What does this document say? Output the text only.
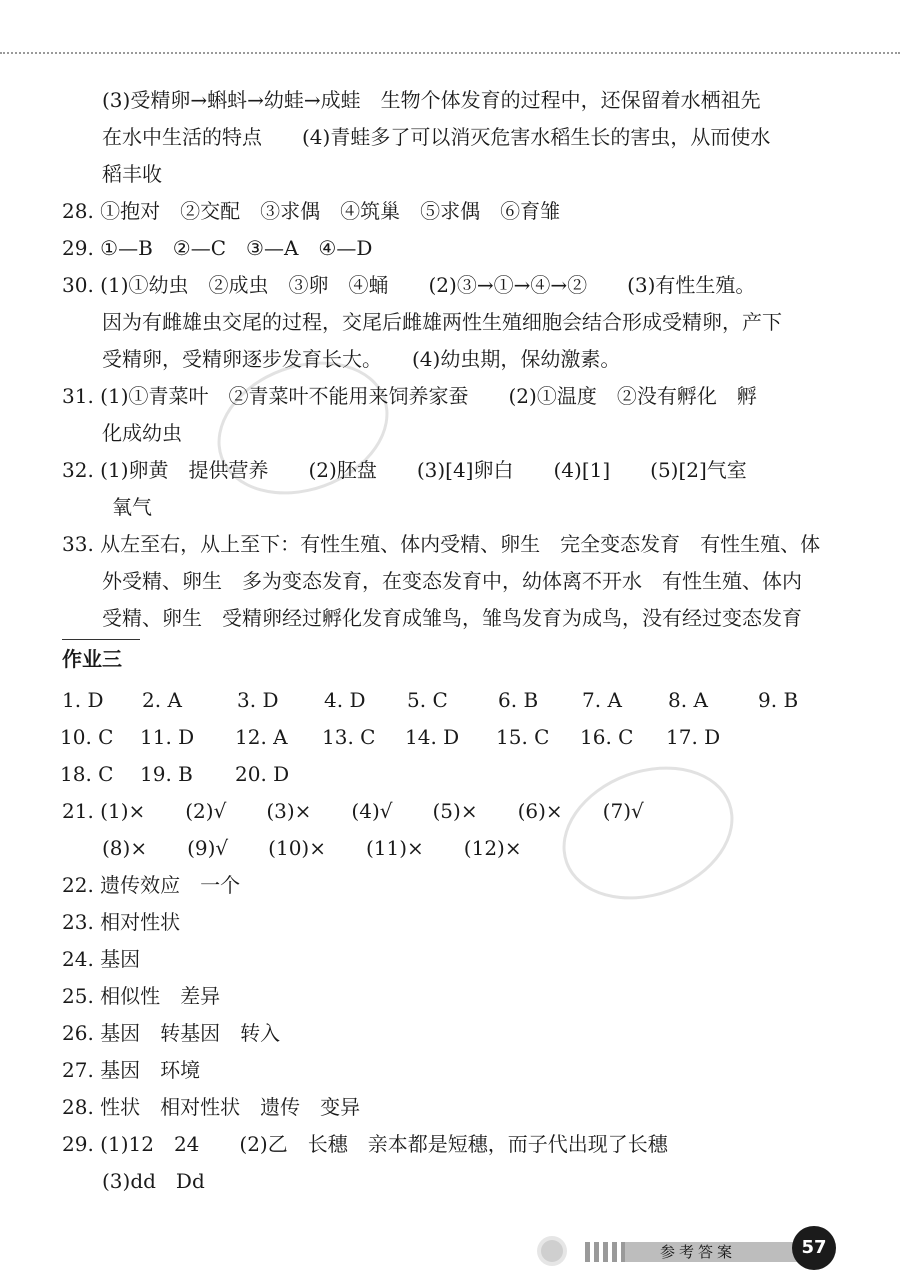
(3)受精卵→蝌蚪→幼蛙→成蛙　生物个体发育的过程中，还保留着水栖祖先
在水中生活的特点　　(4)青蛙多了可以消灭危害水稻生长的害虫，从而使水
稻丰收
28. ①抱对　②交配　③求偶　④筑巢　⑤求偶　⑥育雏
29. ①—B　②—C　③—A　④—D
30. (1)①幼虫　②成虫　③卵　④蛹　　(2)③→①→④→②　　(3)有性生殖。
因为有雌雄虫交尾的过程，交尾后雌雄两性生殖细胞会结合形成受精卵，产下
受精卵，受精卵逐步发育长大。　　(4)幼虫期，保幼激素。
31. (1)①青菜叶　②青菜叶不能用来饲养家蚕　　(2)①温度　②没有孵化　孵
化成幼虫
32. (1)卵黄　提供营养　　(2)胚盘　　(3)[4]卵白　　(4)[1]　　(5)[2]气室
氧气
33. 从左至右，从上至下：有性生殖、体内受精、卵生　完全变态发育　有性生殖、体
外受精、卵生　多为变态发育，在变态发育中，幼体离不开水　有性生殖、体内
受精、卵生　受精卵经过孵化发育成雏鸟，雏鸟发育为成鸟，没有经过变态发育
作业三
1. D 2. A	3. D 4. D 5. C	6. B 7. A 8. A	9. B
10. C 11. D 12. A 13. C 14. D 15. C 16. C 17. D
18. C 19. B 20. D
21. (1)×　　(2)√　　(3)×　　(4)√　　(5)×　　(6)×　　(7)√
(8)×　　(9)√　　(10)×　　(11)×　　(12)×
22. 遗传效应　一个
23. 相对性状
24. 基因
25. 相似性　差异
26. 基因　转基因　转入
27. 基因　环境
28. 性状　相对性状　遗传　变异
29. (1)12　24　　(2)乙　长穗　亲本都是短穗，而子代出现了长穗
(3)dd　Dd
参考答案	57
